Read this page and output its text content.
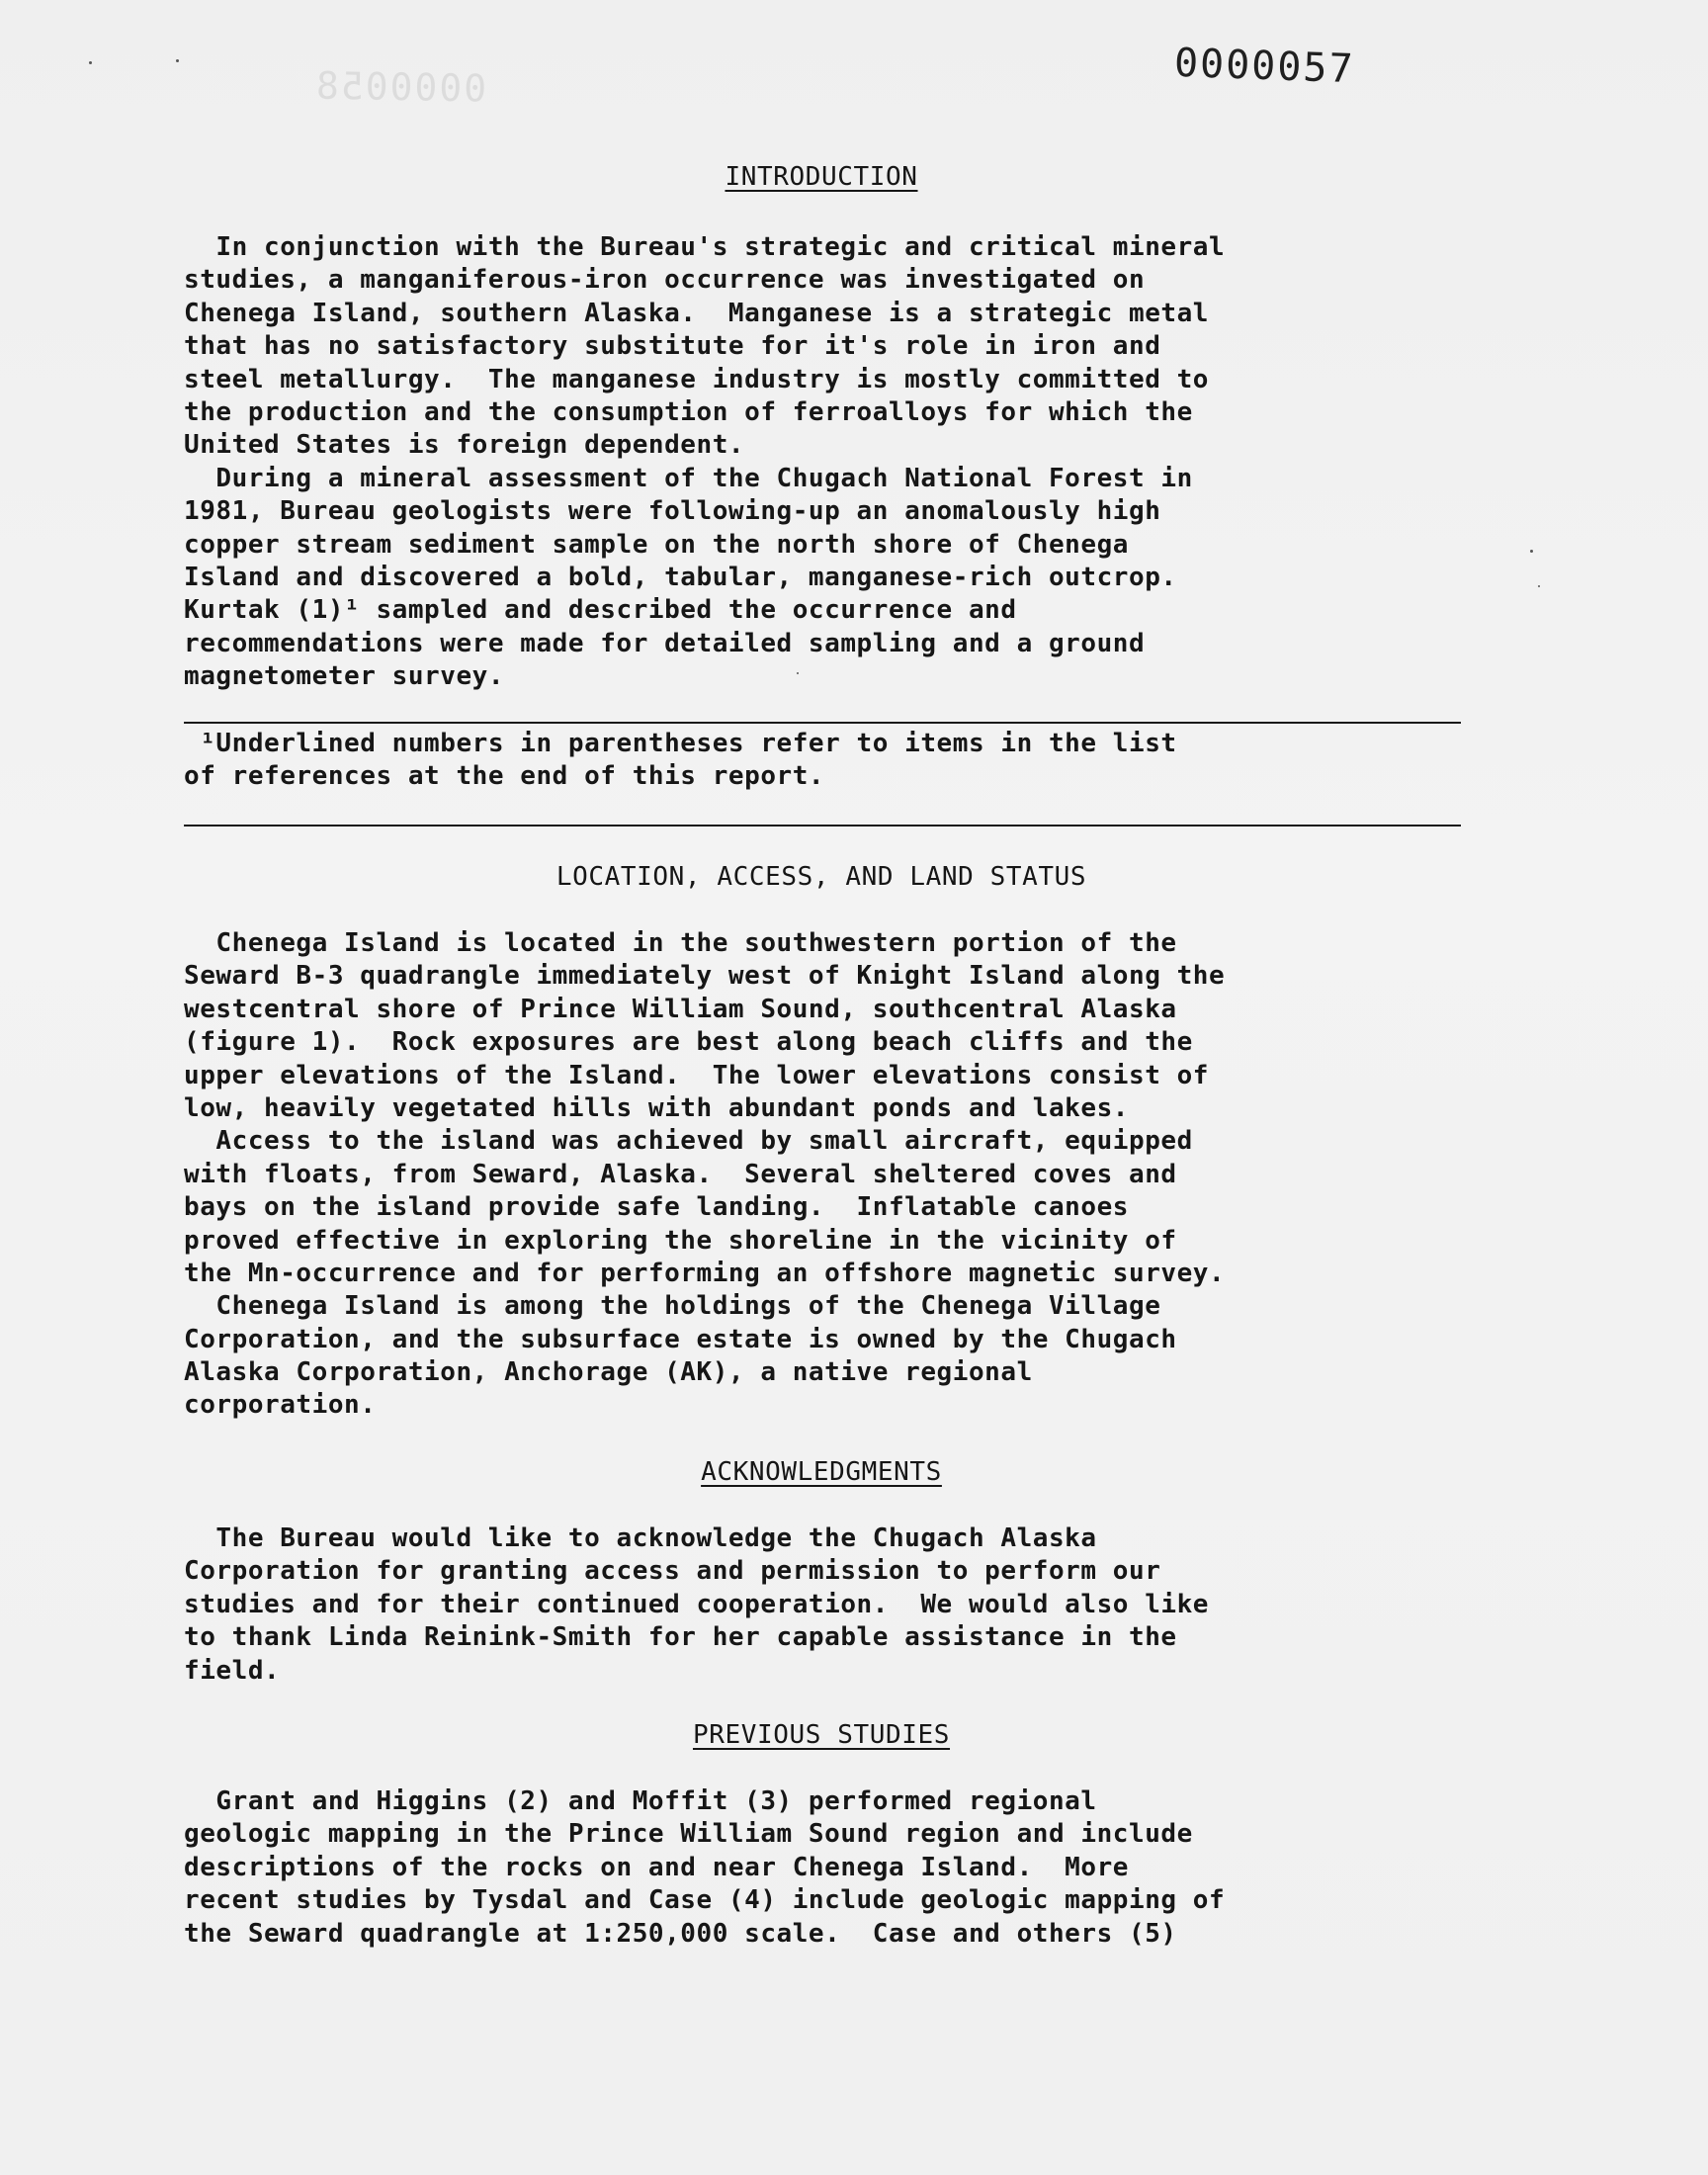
0000058	0000057
INTRODUCTION
In conjunction with the Bureau's strategic and critical mineral
studies, a manganiferous-iron occurrence was investigated on
Chenega Island, southern Alaska.  Manganese is a strategic metal
that has no satisfactory substitute for it's role in iron and
steel metallurgy.  The manganese industry is mostly committed to
the production and the consumption of ferroalloys for which the
United States is foreign dependent.
During a mineral assessment of the Chugach National Forest in
1981, Bureau geologists were following-up an anomalously high
copper stream sediment sample on the north shore of Chenega
Island and discovered a bold, tabular, manganese-rich outcrop.
Kurtak (1)¹ sampled and described the occurrence and
recommendations were made for detailed sampling and a ground
magnetometer survey.
¹Underlined numbers in parentheses refer to items in the list
of references at the end of this report.
LOCATION, ACCESS, AND LAND STATUS
Chenega Island is located in the southwestern portion of the
Seward B-3 quadrangle immediately west of Knight Island along the
westcentral shore of Prince William Sound, southcentral Alaska
(figure 1).  Rock exposures are best along beach cliffs and the
upper elevations of the Island.  The lower elevations consist of
low, heavily vegetated hills with abundant ponds and lakes.
Access to the island was achieved by small aircraft, equipped
with floats, from Seward, Alaska.  Several sheltered coves and
bays on the island provide safe landing.  Inflatable canoes
proved effective in exploring the shoreline in the vicinity of
the Mn-occurrence and for performing an offshore magnetic survey.
Chenega Island is among the holdings of the Chenega Village
Corporation, and the subsurface estate is owned by the Chugach
Alaska Corporation, Anchorage (AK), a native regional
corporation.
ACKNOWLEDGMENTS
The Bureau would like to acknowledge the Chugach Alaska
Corporation for granting access and permission to perform our
studies and for their continued cooperation.  We would also like
to thank Linda Reinink-Smith for her capable assistance in the
field.
PREVIOUS STUDIES
Grant and Higgins (2) and Moffit (3) performed regional
geologic mapping in the Prince William Sound region and include
descriptions of the rocks on and near Chenega Island.  More
recent studies by Tysdal and Case (4) include geologic mapping of
the Seward quadrangle at 1:250,000 scale.  Case and others (5)
